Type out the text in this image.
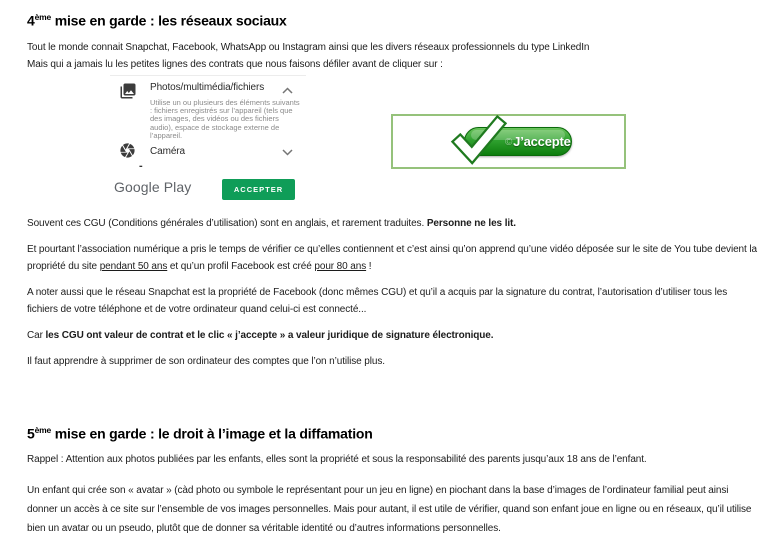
4ème mise en garde : les réseaux sociaux

Tout le monde connait Snapchat, Facebook, WhatsApp ou Instagram ainsi que les divers réseaux professionnels du type LinkedIn
Mais qui a jamais lu les petites lignes des contrats que nous faisons défiler avant de cliquer sur :

Photos/multimédia/fichiers
Utilise un ou plusieurs des éléments suivants : fichiers enregistrés sur l’appareil (tels que des images, des vidéos ou des fichiers audio), espace de stockage externe de l’appareil.
Caméra
-
Google Play	ACCEPTER
©J’accepte

Souvent ces CGU (Conditions générales d’utilisation) sont en anglais, et rarement traduites. Personne ne les lit.

Et pourtant l’association numérique a pris le temps de vérifier ce qu’elles contiennent et c’est ainsi qu’on apprend qu’une vidéo déposée sur le site de You tube devient la propriété du site pendant 50 ans et qu’un profil Facebook est créé pour 80 ans !

A noter aussi que le réseau Snapchat est la propriété de Facebook (donc mêmes CGU) et qu’il a acquis par la signature du contrat, l’autorisation d’utiliser tous les fichiers de votre téléphone et de votre ordinateur quand celui-ci est connecté...

Car les CGU ont valeur de contrat et le clic « j’accepte » a valeur juridique de signature électronique.

Il faut apprendre à supprimer de son ordinateur des comptes que l’on n’utilise plus.

5ème mise en garde : le droit à l’image et la diffamation

Rappel : Attention aux photos publiées par les enfants, elles sont la propriété et sous la responsabilité des parents jusqu’aux 18 ans de l’enfant.

Un enfant qui crée son « avatar » (càd photo ou symbole le représentant pour un jeu en ligne) en piochant dans la base d’images de l’ordinateur familial peut ainsi donner un accès à ce site sur l’ensemble de vos images personnelles. Mais pour autant, il est utile de vérifier, quand son enfant joue en ligne ou en réseaux, qu’il utilise bien un avatar ou un pseudo, plutôt que de donner sa véritable identité ou d’autres informations personnelles.
